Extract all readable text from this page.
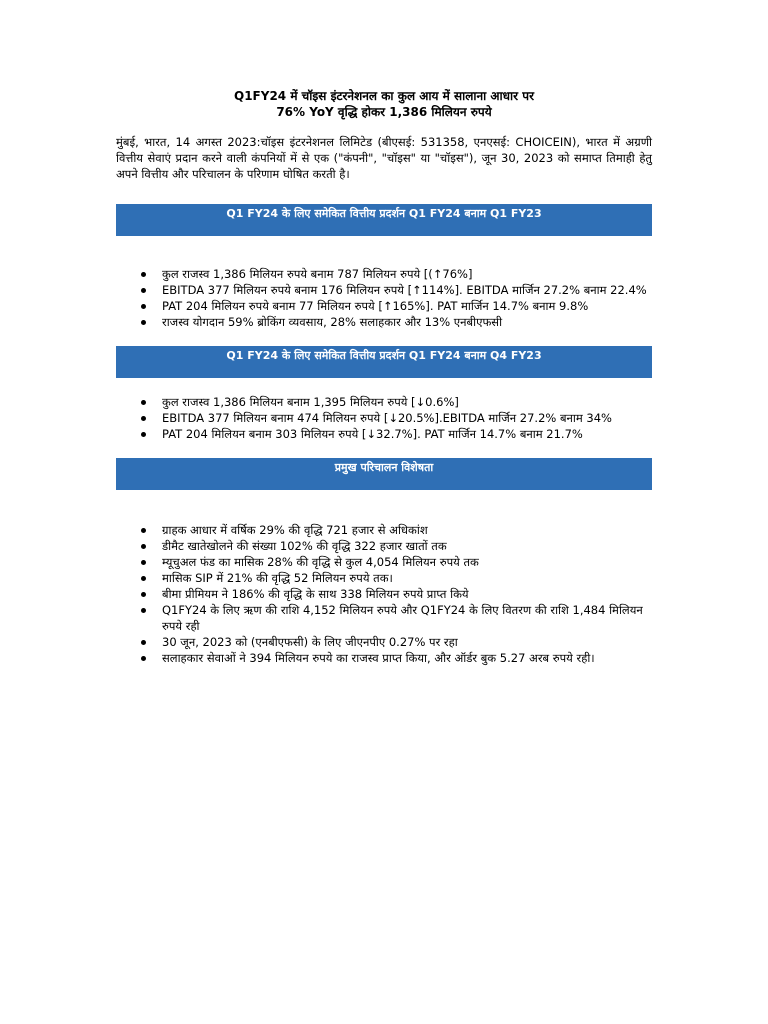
Q1FY24 में चॉइस इंटरनेशनल का कुल आय में सालाना आधार पर
76% YoY वृद्धि होकर 1,386 मिलियन रुपये
मुंबई, भारत, 14 अगस्त 2023:चॉइस इंटरनेशनल लिमिटेड (बीएसई: 531358, एनएसई: CHOICEIN), भारत में अग्रणी वित्तीय सेवाएं प्रदान करने वाली कंपनियों में से एक ("कंपनी", "चॉइस" या "चॉइस"), जून 30, 2023 को समाप्त तिमाही हेतु अपने वित्तीय और परिचालन के परिणाम घोषित करती है।
Q1 FY24 के लिए समेकित वित्तीय प्रदर्शन Q1 FY24 बनाम Q1 FY23
कुल राजस्व 1,386 मिलियन रुपये बनाम 787 मिलियन रुपये [(↑76%]
EBITDA 377 मिलियन रुपये बनाम 176 मिलियन रुपये [↑114%]. EBITDA मार्जिन 27.2% बनाम 22.4%
PAT 204 मिलियन रुपये बनाम 77 मिलियन रुपये [↑165%]. PAT मार्जिन 14.7% बनाम 9.8%
राजस्व योगदान 59% ब्रोकिंग व्यवसाय, 28% सलाहकार और 13% एनबीएफसी
Q1 FY24 के लिए समेकित वित्तीय प्रदर्शन Q1 FY24 बनाम Q4 FY23
कुल राजस्व 1,386 मिलियन बनाम 1,395 मिलियन रुपये [↓0.6%]
EBITDA 377 मिलियन बनाम 474 मिलियन रुपये [↓20.5%].EBITDA मार्जिन 27.2% बनाम 34%
PAT 204 मिलियन बनाम 303 मिलियन रुपये [↓32.7%]. PAT मार्जिन 14.7% बनाम 21.7%
प्रमुख परिचालन विशेषता
ग्राहक आधार में वर्षिक 29% की वृद्धि 721 हजार से अधिकांश
डीमैट खातेखोलने की संख्या 102% की वृद्धि 322 हजार खातों तक
म्यूचुअल फंड का मासिक 28% की वृद्धि से कुल 4,054 मिलियन रुपये तक
मासिक SIP में 21% की वृद्धि 52 मिलियन रुपये तक।
बीमा प्रीमियम ने 186% की वृद्धि के साथ 338 मिलियन रुपये प्राप्त किये
Q1FY24 के लिए ऋण की राशि 4,152 मिलियन रुपये और Q1FY24 के लिए वितरण की राशि 1,484 मिलियन रुपये रही
30 जून, 2023 को (एनबीएफसी) के लिए जीएनपीए 0.27% पर रहा
सलाहकार सेवाओं ने 394 मिलियन रुपये का राजस्व प्राप्त किया, और ऑर्डर बुक 5.27 अरब रुपये रही।
